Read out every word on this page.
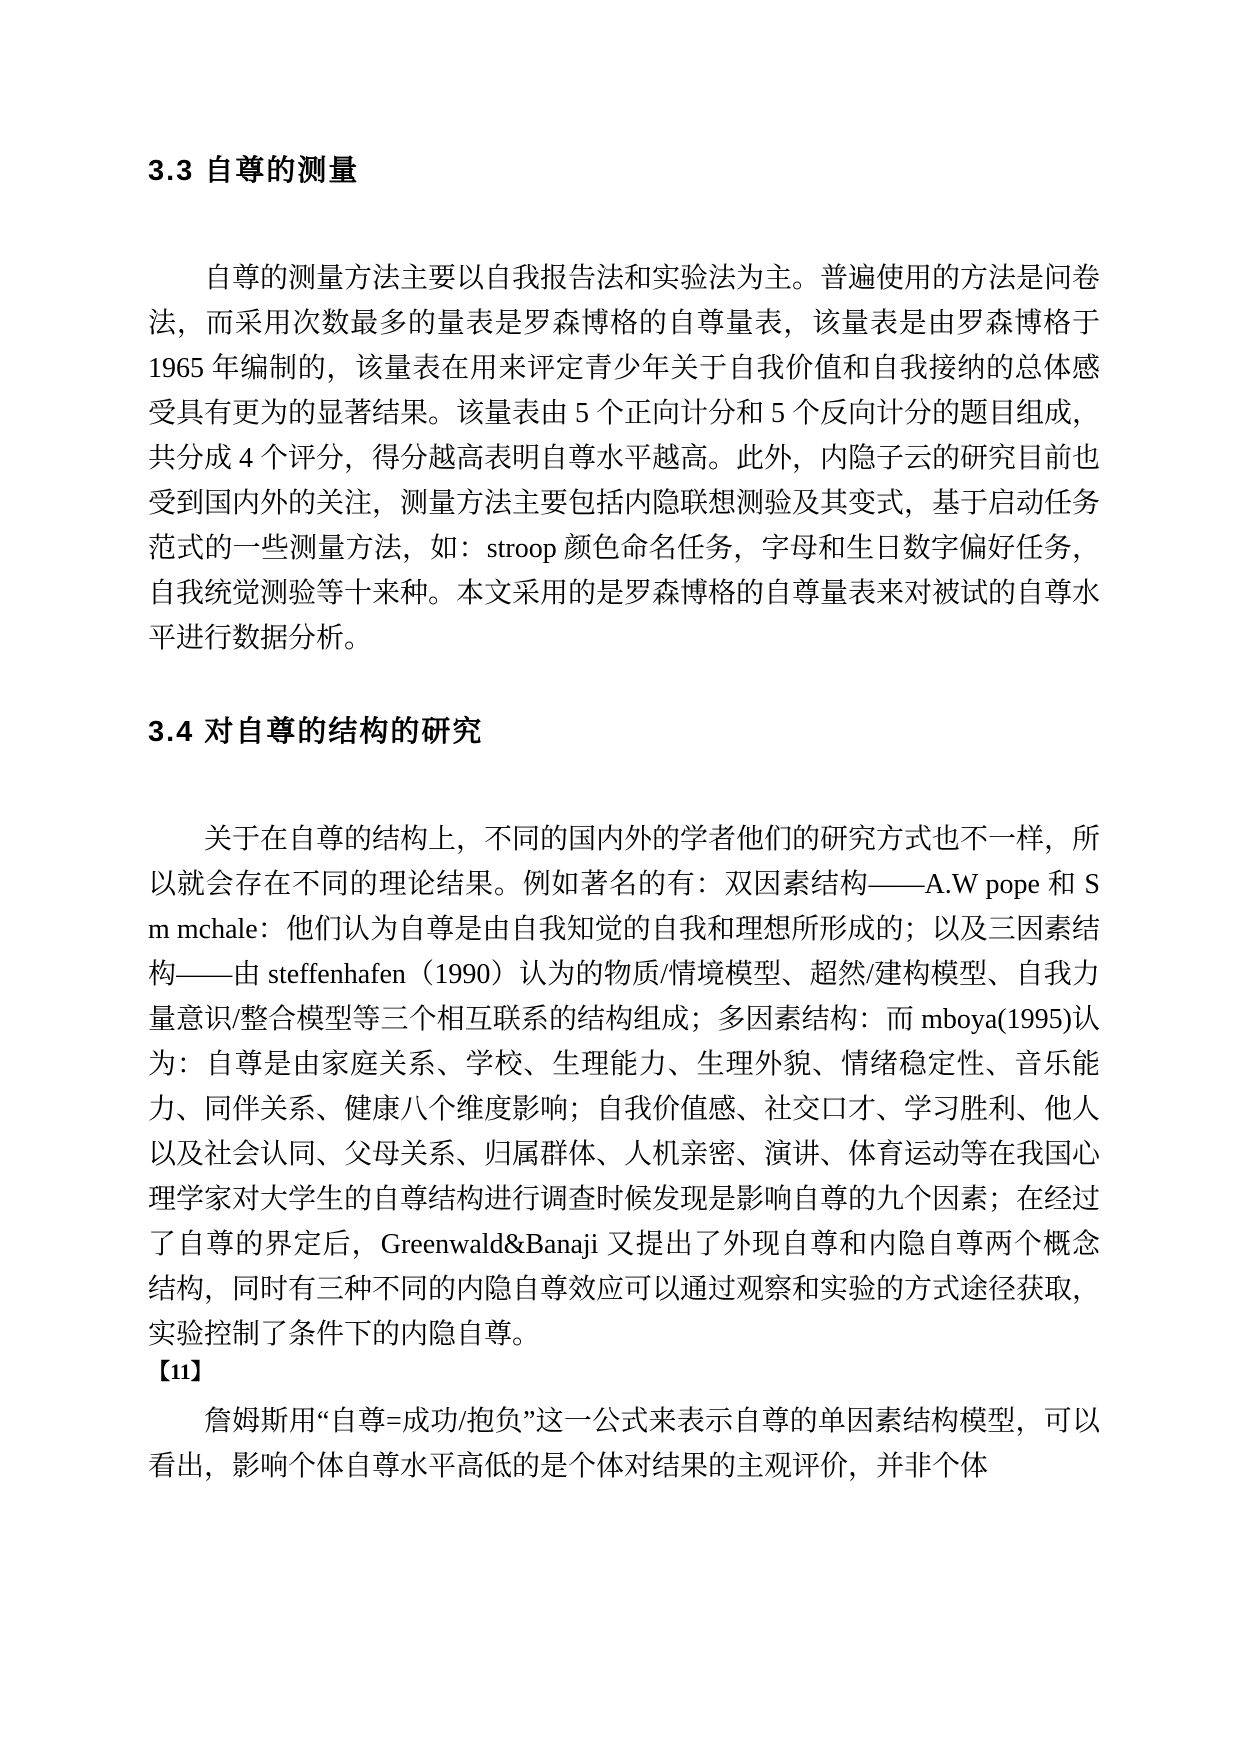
3.3 自尊的测量

自尊的测量方法主要以自我报告法和实验法为主。普遍使用的方法是问卷法，而采用次数最多的量表是罗森博格的自尊量表，该量表是由罗森博格于 1965 年编制的，该量表在用来评定青少年关于自我价值和自我接纳的总体感受具有更为的显著结果。该量表由 5 个正向计分和 5 个反向计分的题目组成，共分成 4 个评分，得分越高表明自尊水平越高。此外，内隐子云的研究目前也受到国内外的关注，测量方法主要包括内隐联想测验及其变式，基于启动任务范式的一些测量方法，如：stroop 颜色命名任务，字母和生日数字偏好任务，自我统觉测验等十来种。本文采用的是罗森博格的自尊量表来对被试的自尊水平进行数据分析。

3.4 对自尊的结构的研究

关于在自尊的结构上，不同的国内外的学者他们的研究方式也不一样，所以就会存在不同的理论结果。例如著名的有：双因素结构——A.W pope 和 S m mchale：他们认为自尊是由自我知觉的自我和理想所形成的；以及三因素结构——由 steffenhafen（1990）认为的物质/情境模型、超然/建构模型、自我力量意识/整合模型等三个相互联系的结构组成；多因素结构：而 mboya(1995)认为：自尊是由家庭关系、学校、生理能力、生理外貌、情绪稳定性、音乐能力、同伴关系、健康八个维度影响；自我价值感、社交口才、学习胜利、他人以及社会认同、父母关系、归属群体、人机亲密、演讲、体育运动等在我国心理学家对大学生的自尊结构进行调查时候发现是影响自尊的九个因素；在经过了自尊的界定后，Greenwald&Banaji 又提出了外现自尊和内隐自尊两个概念结构，同时有三种不同的内隐自尊效应可以通过观察和实验的方式途径获取，实验控制了条件下的内隐自尊。

【11】

詹姆斯用“自尊=成功/抱负”这一公式来表示自尊的单因素结构模型，可以看出，影响个体自尊水平高低的是个体对结果的主观评价，并非个体
